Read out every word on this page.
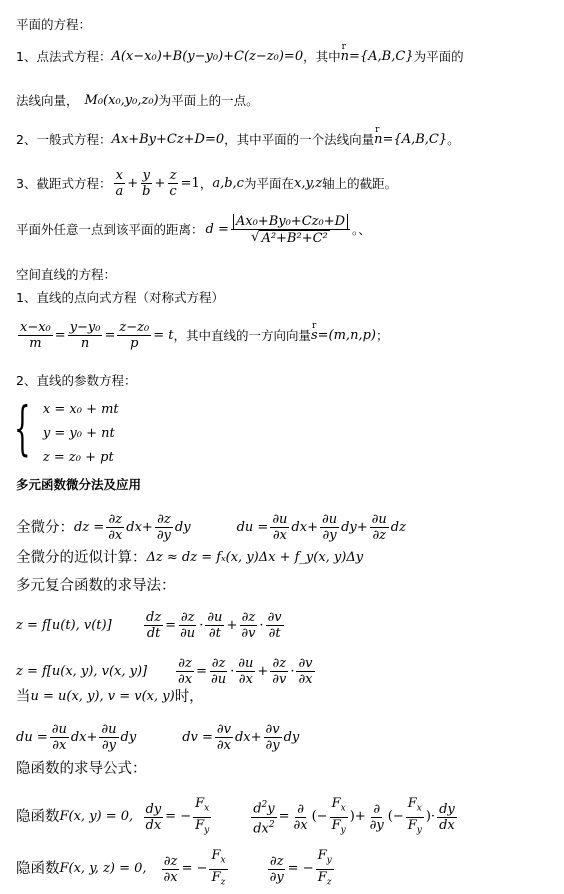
平面的方程：
1、点法式方程： A(x−x₀)+B(y−y₀)+C(z−z₀)=0 ，其中 r n={A,B,C} 为平面的
法线向量， M₀(x₀,y₀,z₀) 为平面上的一点。
2、一般式方程： Ax+By+Cz+D=0 ，其中平面的一个法线向量 r n={A,B,C} 。
3、截距式方程： $\frac{x}{a} + \frac{y}{b} + \frac{z}{c} =1$ ， a,b,c 为平面在 x,y,z 轴上的截距。
平面外任意一点到该平面的距离： $d = \frac{\text{Ax₀+By₀+Cz₀+D}}{\text{√ A²+B²+C²}}$ 。、
空间直线的方程：
1、直线的点向式方程（对称式方程）
$\frac{\text{x−x₀}}{m} = \frac{\text{y−y₀}}{n} = \frac{\text{z−z₀}}{p} = t$ ，其中直线的一方向向量 r s=(m,n,p) ；
2、直线的参数方程：
{ x = x₀ + mt
y = y₀ + nt
z = z₀ + pt
多元函数微分法及应用
全微分： dz = $\frac{\partial z}{\partial x}$ dx + $\frac{\partial z}{\partial y}$ dy	du = $\frac{\partial u}{\partial x}$ dx + $\frac{\partial u}{\partial y}$ dy + $\frac{\partial u}{\partial z}$ dz
全微分的近似计算： Δz ≈ dz = fₓ(x, y)Δx + f_y(x, y)Δy
多元复合函数的求导法：
z = f[u(t), v(t)]	$\frac{dz}{dt} = \frac{\partial z}{\partial u} \cdot \frac{\partial u}{\partial t} + \frac{\partial z}{\partial v} \cdot \frac{\partial v}{\partial t}$
z = f[u(x, y), v(x, y)]	$\frac{\partial z}{\partial x} = \frac{\partial z}{\partial u} \cdot \frac{\partial u}{\partial x} + \frac{\partial z}{\partial v} \cdot \frac{\partial v}{\partial x}$
当 u = u(x, y), v = v(x, y) 时，
du = $\frac{\partial u}{\partial x}$ dx + $\frac{\partial u}{\partial y}$ dy	dv = $\frac{\partial v}{\partial x}$ dx + $\frac{\partial v}{\partial y}$ dy
隐函数的求导公式：
隐函数 F(x, y) = 0, $\frac{dy}{dx}$ = − $\frac{F_x}{F_y}$	$\frac{d^2y}{dx^2} = \frac{\partial}{\partial x}$ (− $\frac{F_x}{F_y}$ )+ $\frac{\partial}{\partial y}$ (− $\frac{F_x}{F_y}$ )· $\frac{dy}{dx}$
隐函数 F(x, y, z) = 0,	$\frac{\partial z}{\partial x}$ = − $\frac{F_x}{F_z}$	$\frac{\partial z}{\partial y}$ = − $\frac{F_y}{F_z}$
